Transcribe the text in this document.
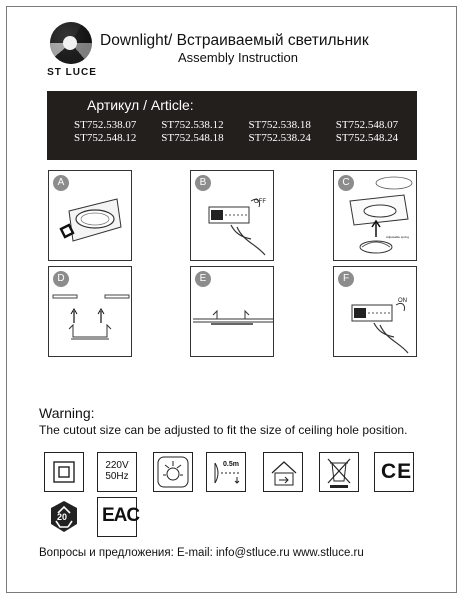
ST LUCE
Downlight/ Встраиваемый светильник
Assembly Instruction
Артикул / Article:
ST752.538.07	ST752.538.12	ST752.538.18	ST752.548.07
ST752.548.12	ST752.548.18	ST752.538.24	ST752.548.24
A	B
OFF
C
Adjustable spring
D	E	F
ON
Warning:
The cutout size can be adjusted to fit the size of ceiling hole position.
220V
50Hz
0.5m	CE
20 EAC
Вопросы и предложения: E-mail: info@stluce.ru www.stluce.ru
